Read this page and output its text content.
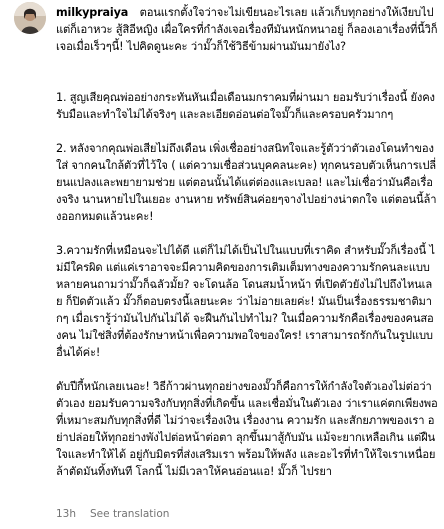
milkypraiya ตอนแรกตั้งใจว่าจะไม่เขียนอะไรเลย แล้วเก็บทุกอย่างให้เงียบไป แต่ก็เอาหวะ สู้สิอีหญิง เผื่อใครที่กำลังเจอเรื่องทีมันหนักหนาอยู่ ก็ลองเอาเรื่องที่นี้วิก็เจอเมื่อเร็วๆนี้! ไปคิดดูนะคะ ว่ามั๊วก็ใช้วิธีข้ามผ่านมันมายังไง?

1. สูญเสียคุณพ่ออย่างกระทันหันเมื่อเดือนมกราคมที่ผ่านมา ยอมรับว่าเรื่องนี้ ยังคงรับมือและทำใจไม่ได้จริงๆ และละเอียดอ่อนต่อใจมั๊วก็และครอบครัวมากๆ

2. หลังจากคุณพ่อเสียไม่ถึงเดือน เพิ่งเชื่ออย่างสนิทใจและรู้ตัวว่าตัวเองโดนทำของใส่ จากคนใกล้ตัวที่ไว้ใจ ( แต่ความเชื่อส่วนบุคคลนะคะ) ทุกคนรอบตัวเห็นการเปลี่ยนแปลงและพยายามช่วย แต่ตอนนั้นได้แต่ต่องและเบลอ! และไม่เชื่อว่ามันคือเรื่องจริง นานหายไปในเยอะ งานหาย ทรัพย์สินค่อยๆจางไปอย่างน่าตกใจ แต่ตอนนี้ล้างออกหมดแล้วนะคะ!

3.ความรักที่เหมือนจะไปได้ดี แต่ก็ไม่ได้เป็นไปในแบบที่เราคิด สำหรับมั๊วก็เรื่องนี้ ไม่มีใครผิด แต่แค่เราอาจจะมีความคิดของการเติมเต็มทางของความรักคนละแบบ หลายคนถามว่ามั๊วก็ฉลัวมั้ย? จะโดนล้อ โดนสมน้ำหน้า ที่เปิดตัวยังไม่ไปถึงไหนเลย ก็ปิดตัวแล้ว มั๊วก็ตอบตรงนี้เลยนะคะ ว่าไม่อายเลยค่ะ! มันเป็นเรื่องธรรมชาติมากๆ เมื่อเรารู้ว่ามันไปกันไม่ได้ จะฝืนกันไปทำไม? ในเมื่อความรักคือเรื่องของคนสองคน ไม่ใช่สิ่งที่ต้องรักษาหน้าเพื่อความพอใจของใคร! เราสามารถรักกันในรูปแบบอื่นได้ค่ะ!

ดับปีกี้หนักเลยเนอะ! วิธีก้าวผ่านทุกอย่างของมั๊วก็คือการให้กำลังใจตัวเองไม่ต่อว่าตัวเอง ยอมรับความจริงกับทุกสิ่งที่เกิดขึ้น และเชื่อมั่นในตัวเอง ว่าเราแค่ตกเพียงพอที่เหมาะสมกับทุกสิ่งที่ดี ไม่ว่าจะเรื่องเงิน เรื่องงาน ความรัก และสักยภาพของเรา อย่าปล่อยให้ทุกอย่างพังไปต่อหน้าต่อตา ลุกขึ้นมาสู้กับมัน แม้จะยากเหลือเกิน แต่ฝืนใจและทำให้ได้ อยู่กับมิตรที่ส่งเสริมเรา พร้อมให้พลัง และอะไรที่ทำให้ใจเราเหนื่อยล้าตัดมันทิ้งทันที โลกนี้ ไม่มีเวลาให้คนอ่อนแอ! มั๊วก็ ไปรยา

13h See translation
